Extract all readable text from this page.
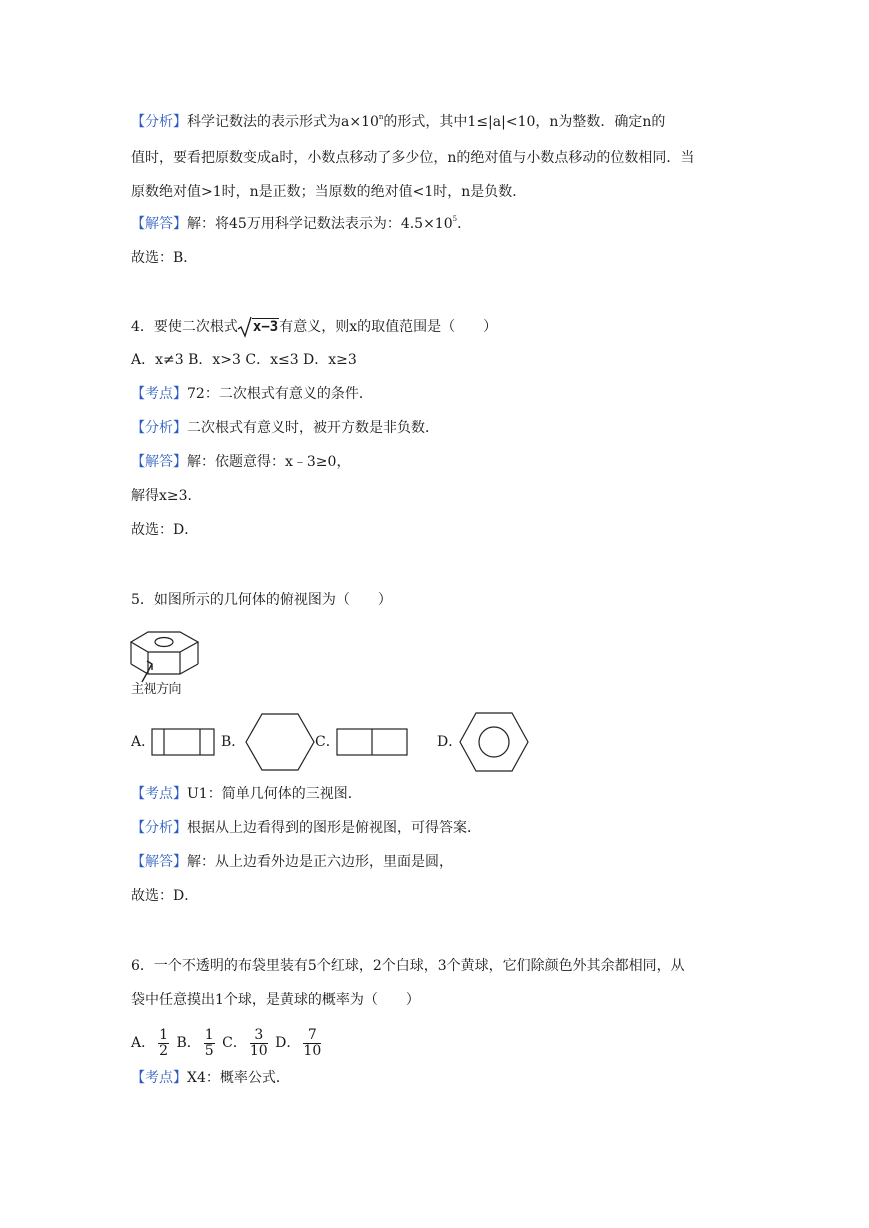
【分析】科学记数法的表示形式为$a\times 10^n$的形式，其中1≤|a|<10，n为整数．确定n的
值时，要看把原数变成a时，小数点移动了多少位，n的绝对值与小数点移动的位数相同．当
原数绝对值>1时，n是正数；当原数的绝对值<1时，n是负数．
【解答】解：将45万用科学记数法表示为：$4.5\times 10^5$．
故选：B．
4．要使二次根式 x−3有意义，则x的取值范围是（　　）
A．x≠3 B．x>3 C．x≤3 D．x≥3
【考点】72：二次根式有意义的条件．
【分析】二次根式有意义时，被开方数是非负数．
【解答】解：依题意得：x﹣3≥0，
解得x≥3．
故选：D．
5．如图所示的几何体的俯视图为（　　）
主视方向
A．	B．	C．	D．
【考点】U1：简单几何体的三视图．
【分析】根据从上边看得到的图形是俯视图，可得答案．
【解答】解：从上边看外边是正六边形，里面是圆，
故选：D．
6．一个不透明的布袋里装有5个红球，2个白球，3个黄球，它们除颜色外其余都相同，从
袋中任意摸出1个球，是黄球的概率为（　　）
A． $\frac{1}{2}$ B． $\frac{1}{5}$ C． $\frac{3}{10}$ D． $\frac{7}{10}$
【考点】X4：概率公式．
